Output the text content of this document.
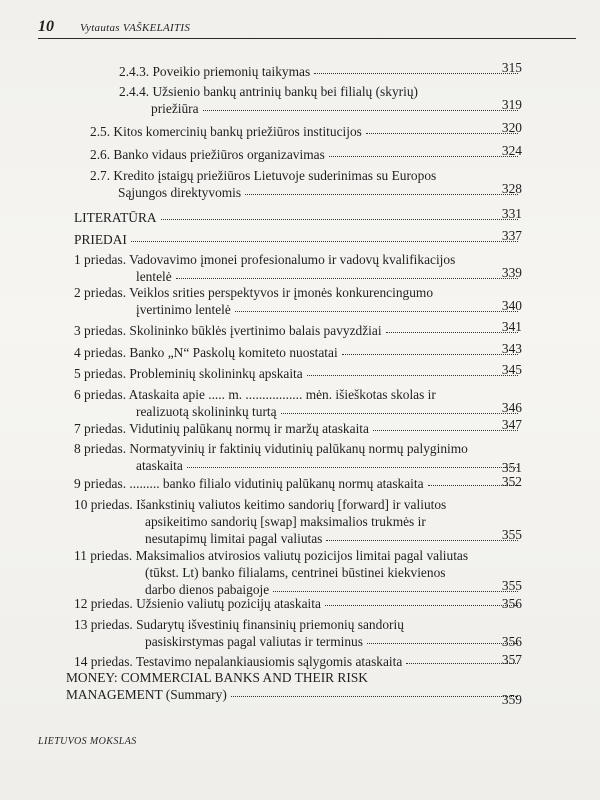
10 Vytautas VAŠKELAITIS
2.4.3. Poveikio priemonių taikymas	315
2.4.4. Užsienio bankų antrinių bankų bei filialų (skyrių)
priežiūra	319
2.5. Kitos komercinių bankų priežiūros institucijos	320
2.6. Banko vidaus priežiūros organizavimas	324
2.7. Kredito įstaigų priežiūros Lietuvoje suderinimas su Europos
Sąjungos direktyvomis	328
LITERATŪRA	331
PRIEDAI	337
1 priedas. Vadovavimo įmonei profesionalumo ir vadovų kvalifikacijos
lentelė	339
2 priedas. Veiklos srities perspektyvos ir įmonės konkurencingumo
įvertinimo lentelė	340
3 priedas. Skolininko būklės įvertinimo balais pavyzdžiai	341
4 priedas. Banko „N“ Paskolų komiteto nuostatai	343
5 priedas. Probleminių skolininkų apskaita	345
6 priedas. Ataskaita apie ..... m. ................. mėn. išieškotas skolas ir
realizuotą skolininkų turtą	346
7 priedas. Vidutinių palūkanų normų ir maržų ataskaita	347
8 priedas. Normatyvinių ir faktinių vidutinių palūkanų normų palyginimo
ataskaita	351
9 priedas. ......... banko filialo vidutinių palūkanų normų ataskaita	352
10 priedas. Išankstinių valiutos keitimo sandorių [forward] ir valiutos
apsikeitimo sandorių [swap] maksimalios trukmės ir
nesutapimų limitai pagal valiutas	355
11 priedas. Maksimalios atvirosios valiutų pozicijos limitai pagal valiutas
(tūkst. Lt) banko filialams, centrinei būstinei kiekvienos
darbo dienos pabaigoje	355
12 priedas. Užsienio valiutų pozicijų ataskaita	356
13 priedas. Sudarytų išvestinių finansinių priemonių sandorių
pasiskirstymas pagal valiutas ir terminus	356
14 priedas. Testavimo nepalankiausiomis sąlygomis ataskaita	357
MONEY: COMMERCIAL BANKS AND THEIR RISK
MANAGEMENT (Summary)	359
LIETUVOS MOKSLAS
